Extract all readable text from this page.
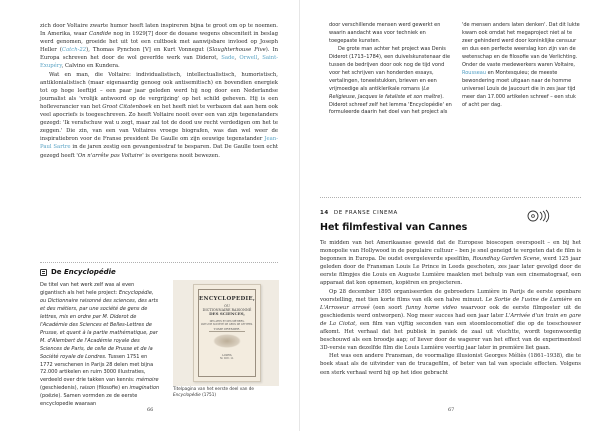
zich door Voltaire zwarte humor heeft laten inspireren bijna te groot om op te noemen. In Amerika, waar Candide nog in 1929[7] door de douane wegens obsceniteit in beslag werd genomen, groeide het uit tot een cultboek met aanwijsbare invloed op Joseph Heller (Catch-22), Thomas Pynchon [V] en Kurt Vonnegut (Slaughterhouse Five). In Europa schreven het door de wol geverfde werk van Diderot, Sade, Orwell, Saint-Exupéry, Calvino en Kundera.

Wat en man, die Voltaire: individualistisch, intellectualistisch, humoristisch, antiklonialistisch (maar eigenaardig genoeg ook antisemitisch) en bovendien energiek tot op hoge leeftijd – een paar jaar geleden werd hij nog door een Nederlandse journalist als 'vrolijk antwoord op de vergrijzing' op het schild geheven. Hij is een hofleverancier van het Groot Citatenboek en het heeft niet te verbazen dat aan hem ook veel apocriefs is toegeschreven. Zo heeft Voltaire nooit over een van zijn tegenstanders gezegd: 'Ik verafschuw wat u zegt, maar zal tot de dood uw recht verdedigen om het te zeggen.' Die zin, van een van Voltaires vroege biografen, was dan wel weer de inspiratiebron voor de Franse president De Gaulle om zijn eeuwige tegenstander Jean-Paul Sartre in de jaren zestig een gevangenisstraf te besparen. Dat De Gaulle toen echt gezegd heeft 'On n'arrête pas Voltaire' is overigens nooit bewezen.

De Encyclopédie

De titel van het werk zelf was al even gigantisch als het hele project: Encyclopédie, ou Dictionnaire raisonné des sciences, des arts et des métiers, par une société de gens de lettres, mis en ordre par M. Diderot de l'Académie des Sciences et Belles-Lettres de Prusse, et quant à la partie mathématique, par M. d'Alembert de l'Académie royale des Sciences de Paris, de celle de Prusse et de la Société royale de Londres. Tussen 1751 en 1772 verschenen in Parijs 28 delen met bijna 72.000 artikelen en ruim 3000 illustraties, verdeeld over drie takken van kennis: mémoire (geschiedenis), raison (filosofie) en imagination (poëzie). Samen vormden ze de eerste encyclopedie waaraan

ENCYCLOPEDIE,
OU
DICTIONNAIRE RAISONNÉ
DES SCIENCES,
DES ARTS ET DES MÉTIERS,
PAR UNE SOCIÉTÉ DE GENS DE LETTRES.
TOME PREMIER.
A PARIS,
M. DCC. LI.
Titelpagina van het eerste deel van de Encyclopédie (1751)
66

door verschillende mensen werd gewerkt en waarin aandacht was voor techniek en toegepaste kunsten.

De grote man achter het project was Denis Diderot (1713–1784), een duivelskunstenaar die tussen de bedrijven door ook nog de tijd vond voor het schrijven van honderden essays, vertalingen, toneelstukken, brieven en een vrijmoedige als antiklerikale romans (Le Religieuse, Jacques le fataliste et son maître). Diderot schreef zelf het lemma 'Encyclopédie' en formuleerde daarin het doel van het project als

'de mensen anders laten denken'. Dat dit lukte kwam ook omdat het megaproject niet al te zeer gehinderd werd door koninklijke censuur en dus een perfecte weerslag kon zijn van de wetenschap en de filosofie van de Verlichting. Onder de vaste medewerkers waren Voltaire, Rousseau en Montesquieu; de meeste bewondering moet uitgaan naar de homme universel Louis de Jaucourt die in zes jaar tijd meer dan 17.000 artikelen schreef – een stuk of acht per dag.

14 DE FRANSE CINEMA
Het filmfestival van Cannes

Te midden van het Amerikaanse geweld dat de Europese bioscopen overspoelt – en bij het monopolie van Hollywood in de populaire cultuur – ben je snel geneigd te vergeten dat de film is begonnen in Europa. De oudst overgeleverde speelfilm, Roundhay Garden Scene, werd 125 jaar geleden door de Fransman Louis Le Prince in Leeds geschoten, zes jaar later gevolgd door de eerste filmpjes die Louis en Auguste Lumière maakten met behulp van een cinematograaf, een apparaat dat kon opnemen, kopiëren en projecteren.

Op 28 december 1895 organiseerden de gebroeders Lumière in Parijs de eerste openbare voorstelling, met tien korte films van elk een halve minuut. Le Sortie de l'usine de Lumière en L'Arroseur arrosé (een soort funny home video waarvoor ook de eerste filmposter uit de geschiedenis werd ontworpen). Nog meer succes had een jaar later L'Arrivée d'un train en gare de La Ciotat, een film van vijftig seconden van een stoomlocomotief die op de toeschouwer afkomt. Het verhaal dat het publiek in paniek de zaal uit vluchtte, wordt tegenwoordig beschouwd als een broodje aap; of liever door de wagerer van het effect van de experimenteel 3D-versie van dezelfde film die Louis Lumière veertig jaar later in première liet gaan.

Het was een andere Fransman, de voormalige illusionist Georges Méliès (1861–1938), die te boek staat als de uitvinder van de trucagefilm, of beter van tal van speciale effecten. Volgens een sterk verhaal werd hij op het idee gebracht

67
